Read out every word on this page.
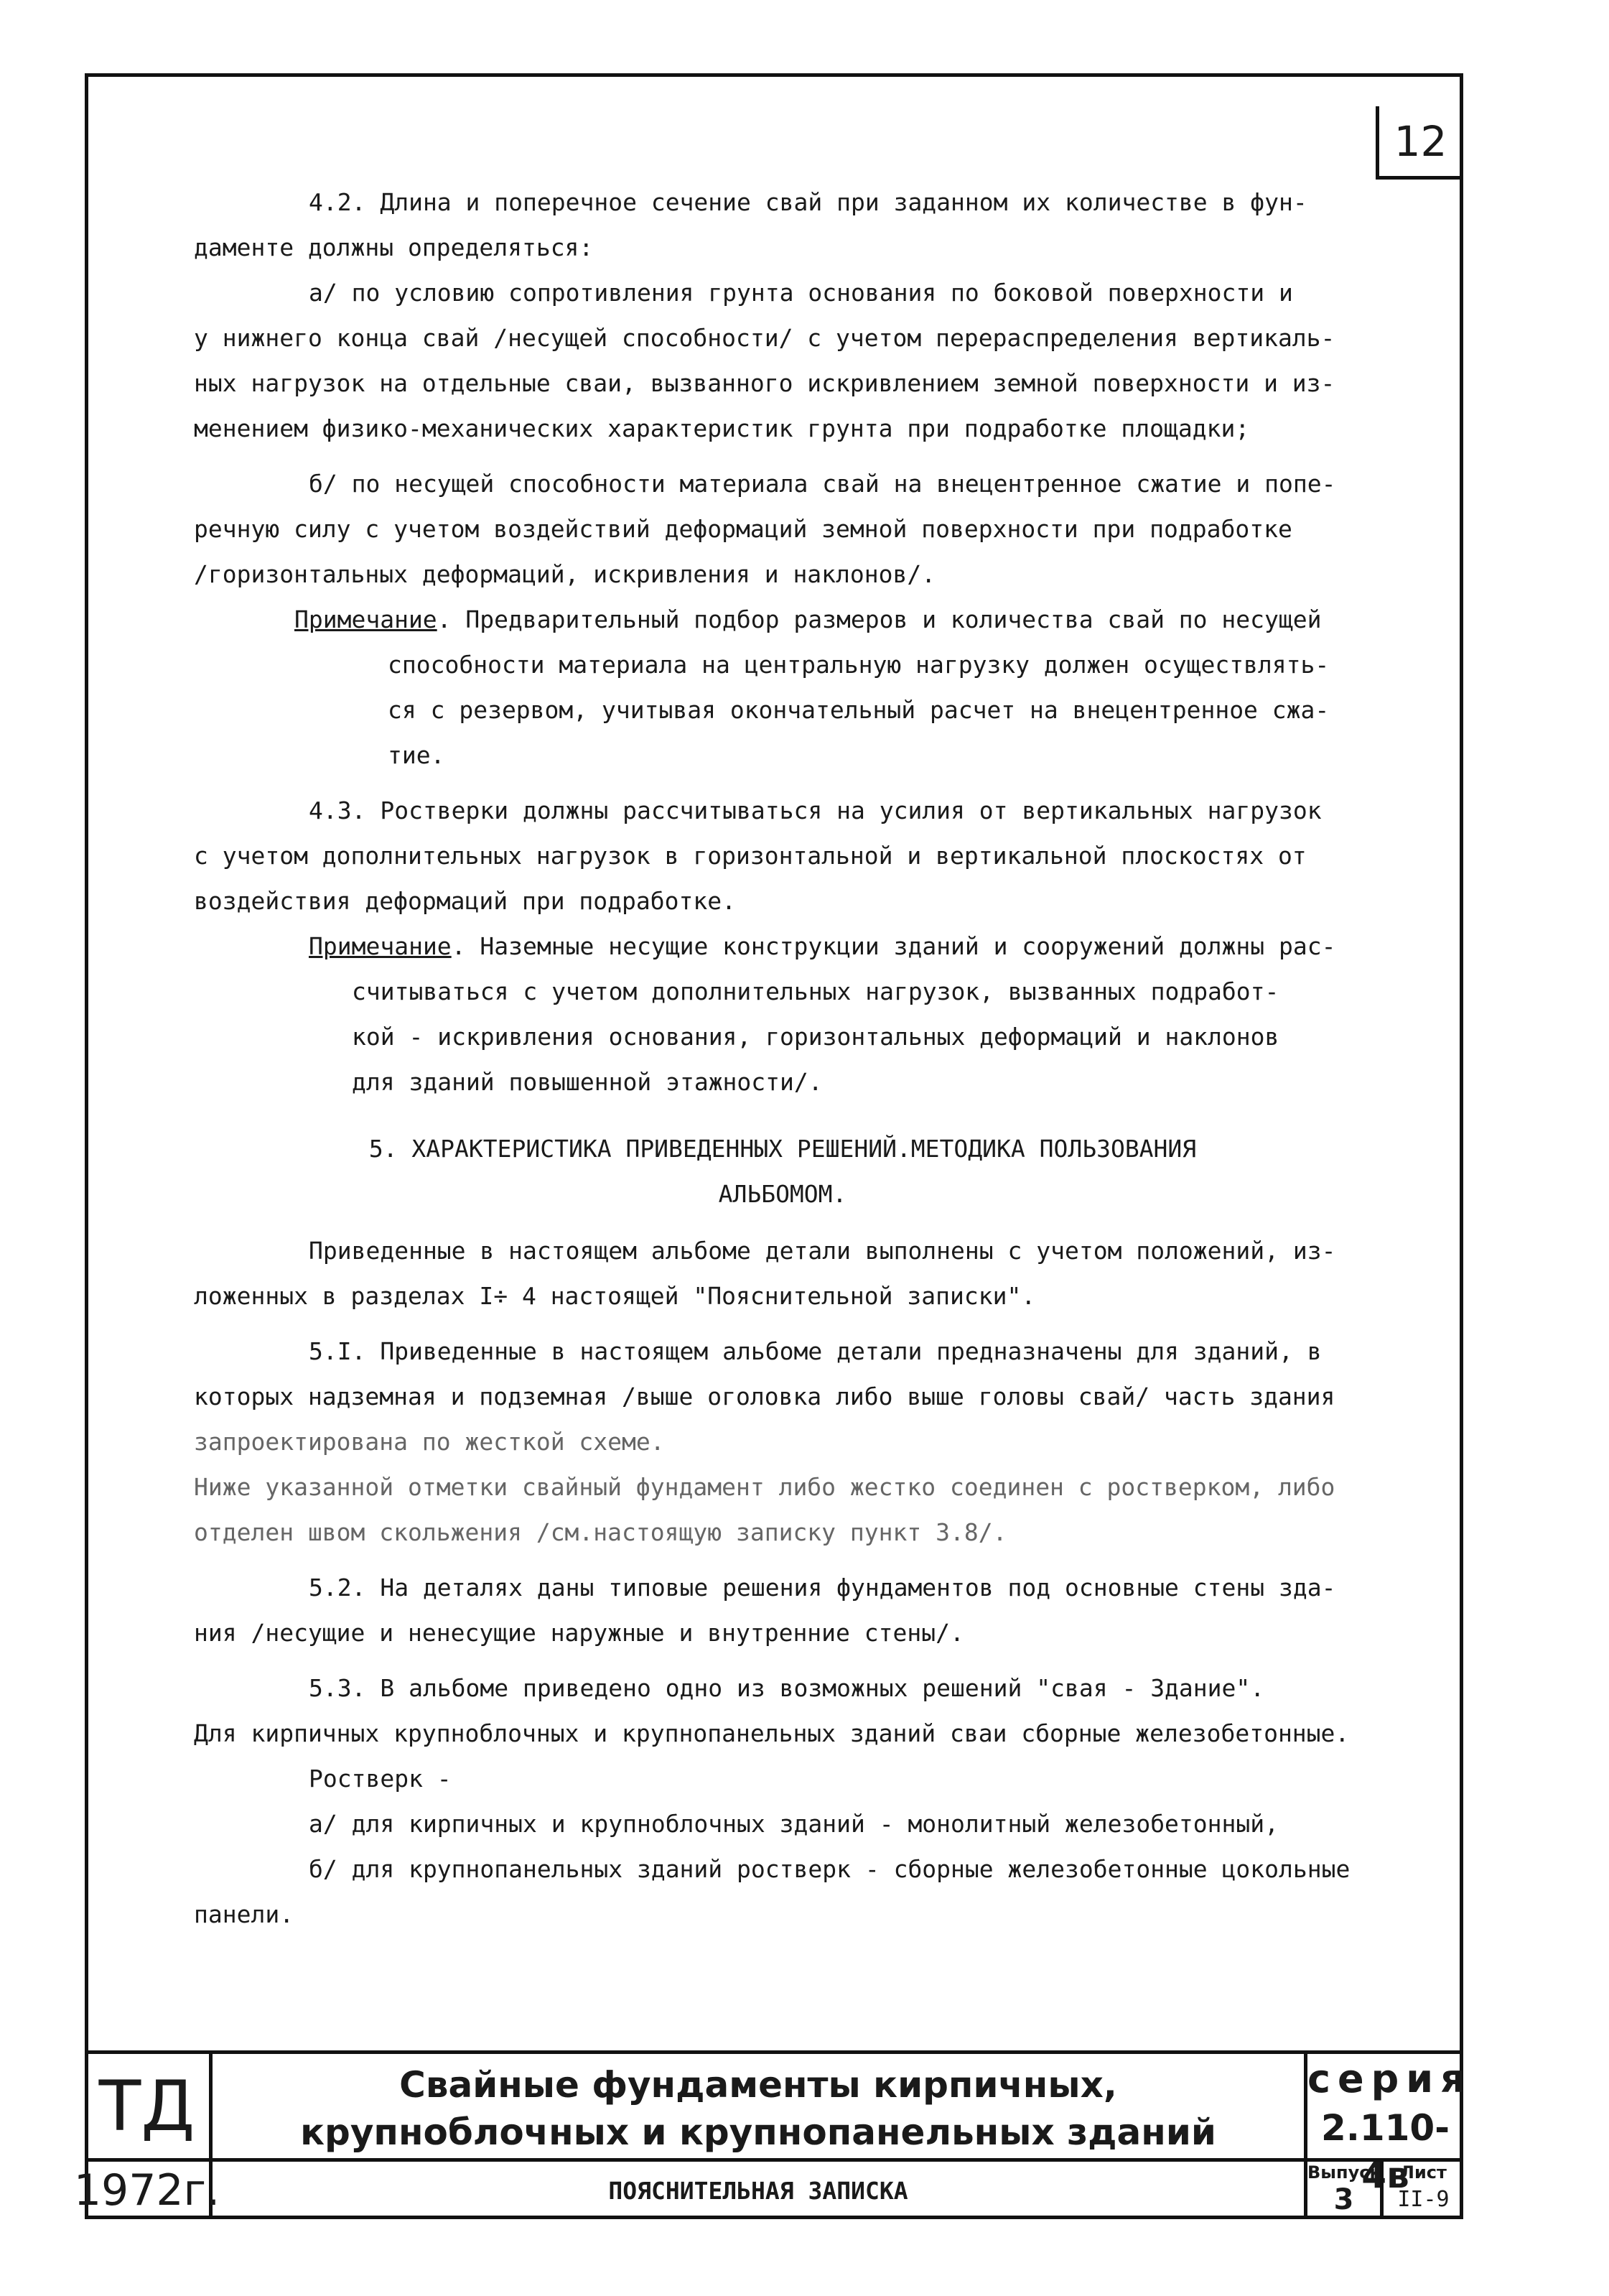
12

4.2. Длина и поперечное сечение свай при заданном их количестве в фун-

даменте должны определяться:

а/ по условию сопротивления грунта основания по боковой поверхности и

у нижнего конца свай /несущей способности/ с учетом перераспределения вертикаль-

ных нагрузок на отдельные сваи, вызванного искривлением земной поверхности и из-

менением физико-механических характеристик грунта при подработке площадки;

б/ по несущей способности материала свай на внецентренное сжатие и попе-

речную силу с учетом воздействий деформаций земной поверхности при подработке

/горизонтальных деформаций, искривления и наклонов/.

Примечание. Предварительный подбор размеров и количества свай по несущей

способности материала на центральную нагрузку должен осуществлять-

ся с резервом, учитывая окончательный расчет на внецентренное сжа-

тие.

4.3. Ростверки должны рассчитываться на усилия от вертикальных нагрузок

с учетом дополнительных нагрузок в горизонтальной и вертикальной плоскостях от

воздействия деформаций при подработке.

Примечание. Наземные несущие конструкции зданий и сооружений должны рас-

считываться с учетом дополнительных нагрузок, вызванных подработ-

кой - искривления основания, горизонтальных деформаций и наклонов

для зданий повышенной этажности/.

5. ХАРАКТЕРИСТИКА ПРИВЕДЕННЫХ РЕШЕНИЙ.МЕТОДИКА ПОЛЬЗОВАНИЯ
АЛЬБОМОМ.

Приведенные в настоящем альбоме детали выполнены с учетом положений, из-

ложенных в разделах I÷ 4 настоящей "Пояснительной записки".

5.I. Приведенные в настоящем альбоме детали предназначены для зданий, в

которых надземная и подземная /выше оголовка либо выше головы свай/ часть здания

запроектирована по жесткой схеме.

Ниже указанной отметки свайный фундамент либо жестко соединен с ростверком, либо

отделен швом скольжения /см.настоящую записку пункт 3.8/.

5.2. На деталях даны типовые решения фундаментов под основные стены зда-

ния /несущие и ненесущие наружные и внутренние стены/.

5.3. В альбоме приведено одно из возможных решений "свая - Здание".

Для кирпичных крупноблочных и крупнопанельных зданий сваи сборные железобетонные.

Ростверк -

а/ для кирпичных и крупноблочных зданий - монолитный железобетонный,

б/ для крупнопанельных зданий ростверк - сборные железобетонные цокольные

панели.

ТД
1972г.
Свайные фундаменты кирпичных,
крупноблочных и крупнопанельных зданий
ПОЯСНИТЕЛЬНАЯ ЗАПИСКА
серия
2.110-4в
Выпуск
3
Лист
II-9
